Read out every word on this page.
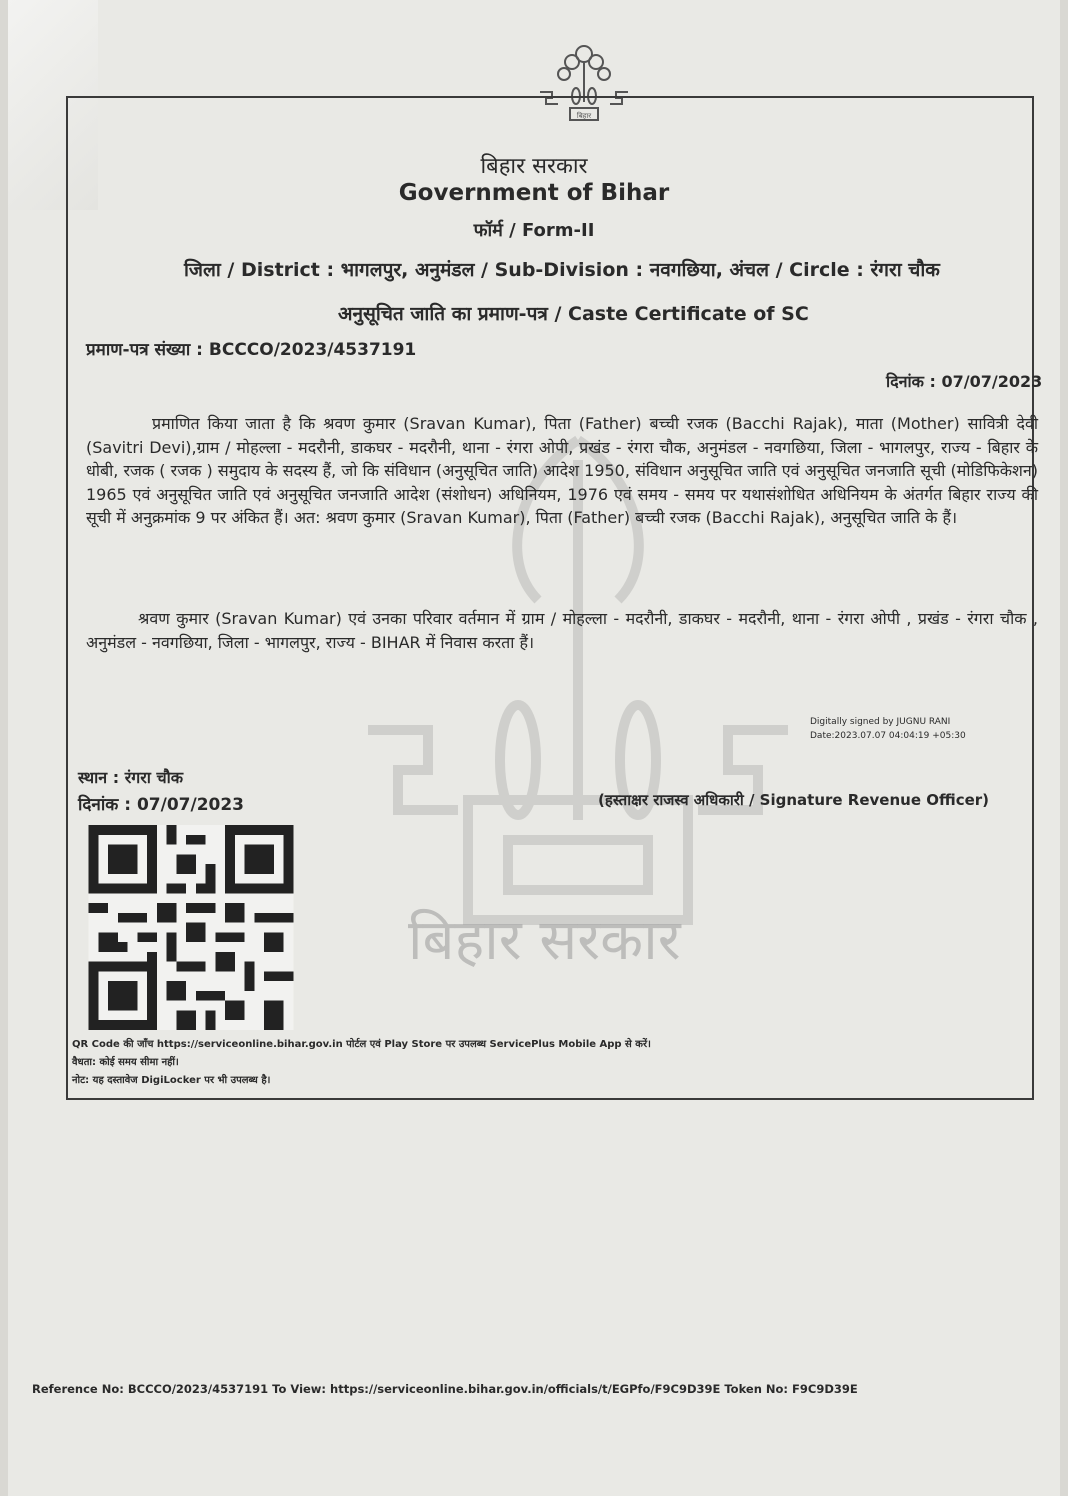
बिहार
बिहार सरकार
बिहार सरकार
Government of Bihar
फॉर्म / Form-II
जिला / District : भागलपुर, अनुमंडल / Sub-Division : नवगछिया, अंचल / Circle : रंगरा चौक
अनुसूचित जाति का प्रमाण-पत्र / Caste Certificate of SC
प्रमाण-पत्र संख्या : BCCCO/2023/4537191
दिनांक : 07/07/2023

प्रमाणित किया जाता है कि श्रवण कुमार (Sravan Kumar), पिता (Father) बच्ची रजक (Bacchi Rajak), माता (Mother) सावित्री देवी (Savitri Devi),ग्राम / मोहल्ला - मदरौनी, डाकघर - मदरौनी, थाना - रंगरा ओपी, प्रखंड - रंगरा चौक, अनुमंडल - नवगछिया, जिला - भागलपुर, राज्य - बिहार के धोबी, रजक ( रजक ) समुदाय के सदस्य हैं, जो कि संविधान (अनुसूचित जाति) आदेश 1950, संविधान अनुसूचित जाति एवं अनुसूचित जनजाति सूची (मोडिफिकेशन) 1965 एवं अनुसूचित जाति एवं अनुसूचित जनजाति आदेश (संशोधन) अधिनियम, 1976 एवं समय - समय पर यथासंशोधित अधिनियम के अंतर्गत बिहार राज्य की सूची में अनुक्रमांक 9 पर अंकित हैं। अत: श्रवण कुमार (Sravan Kumar), पिता (Father) बच्ची रजक (Bacchi Rajak), अनुसूचित जाति के हैं।

श्रवण कुमार (Sravan Kumar) एवं उनका परिवार वर्तमान में ग्राम / मोहल्ला - मदरौनी, डाकघर - मदरौनी, थाना - रंगरा ओपी , प्रखंड - रंगरा चौक , अनुमंडल - नवगछिया, जिला - भागलपुर, राज्य - BIHAR में निवास करता हैं।

Digitally signed by JUGNU RANI
Date:2023.07.07 04:04:19 +05:30
(हस्ताक्षर राजस्व अधिकारी / Signature Revenue Officer)
स्थान : रंगरा चौक
दिनांक : 07/07/2023
QR Code की जाँच https://serviceonline.bihar.gov.in पोर्टल एवं Play Store पर उपलब्ध ServicePlus Mobile App से करें।
वैधता: कोई समय सीमा नहीं।
नोट: यह दस्तावेज DigiLocker पर भी उपलब्ध है।
Reference No: BCCCO/2023/4537191 To View: https://serviceonline.bihar.gov.in/officials/t/EGPfo/F9C9D39E Token No: F9C9D39E
